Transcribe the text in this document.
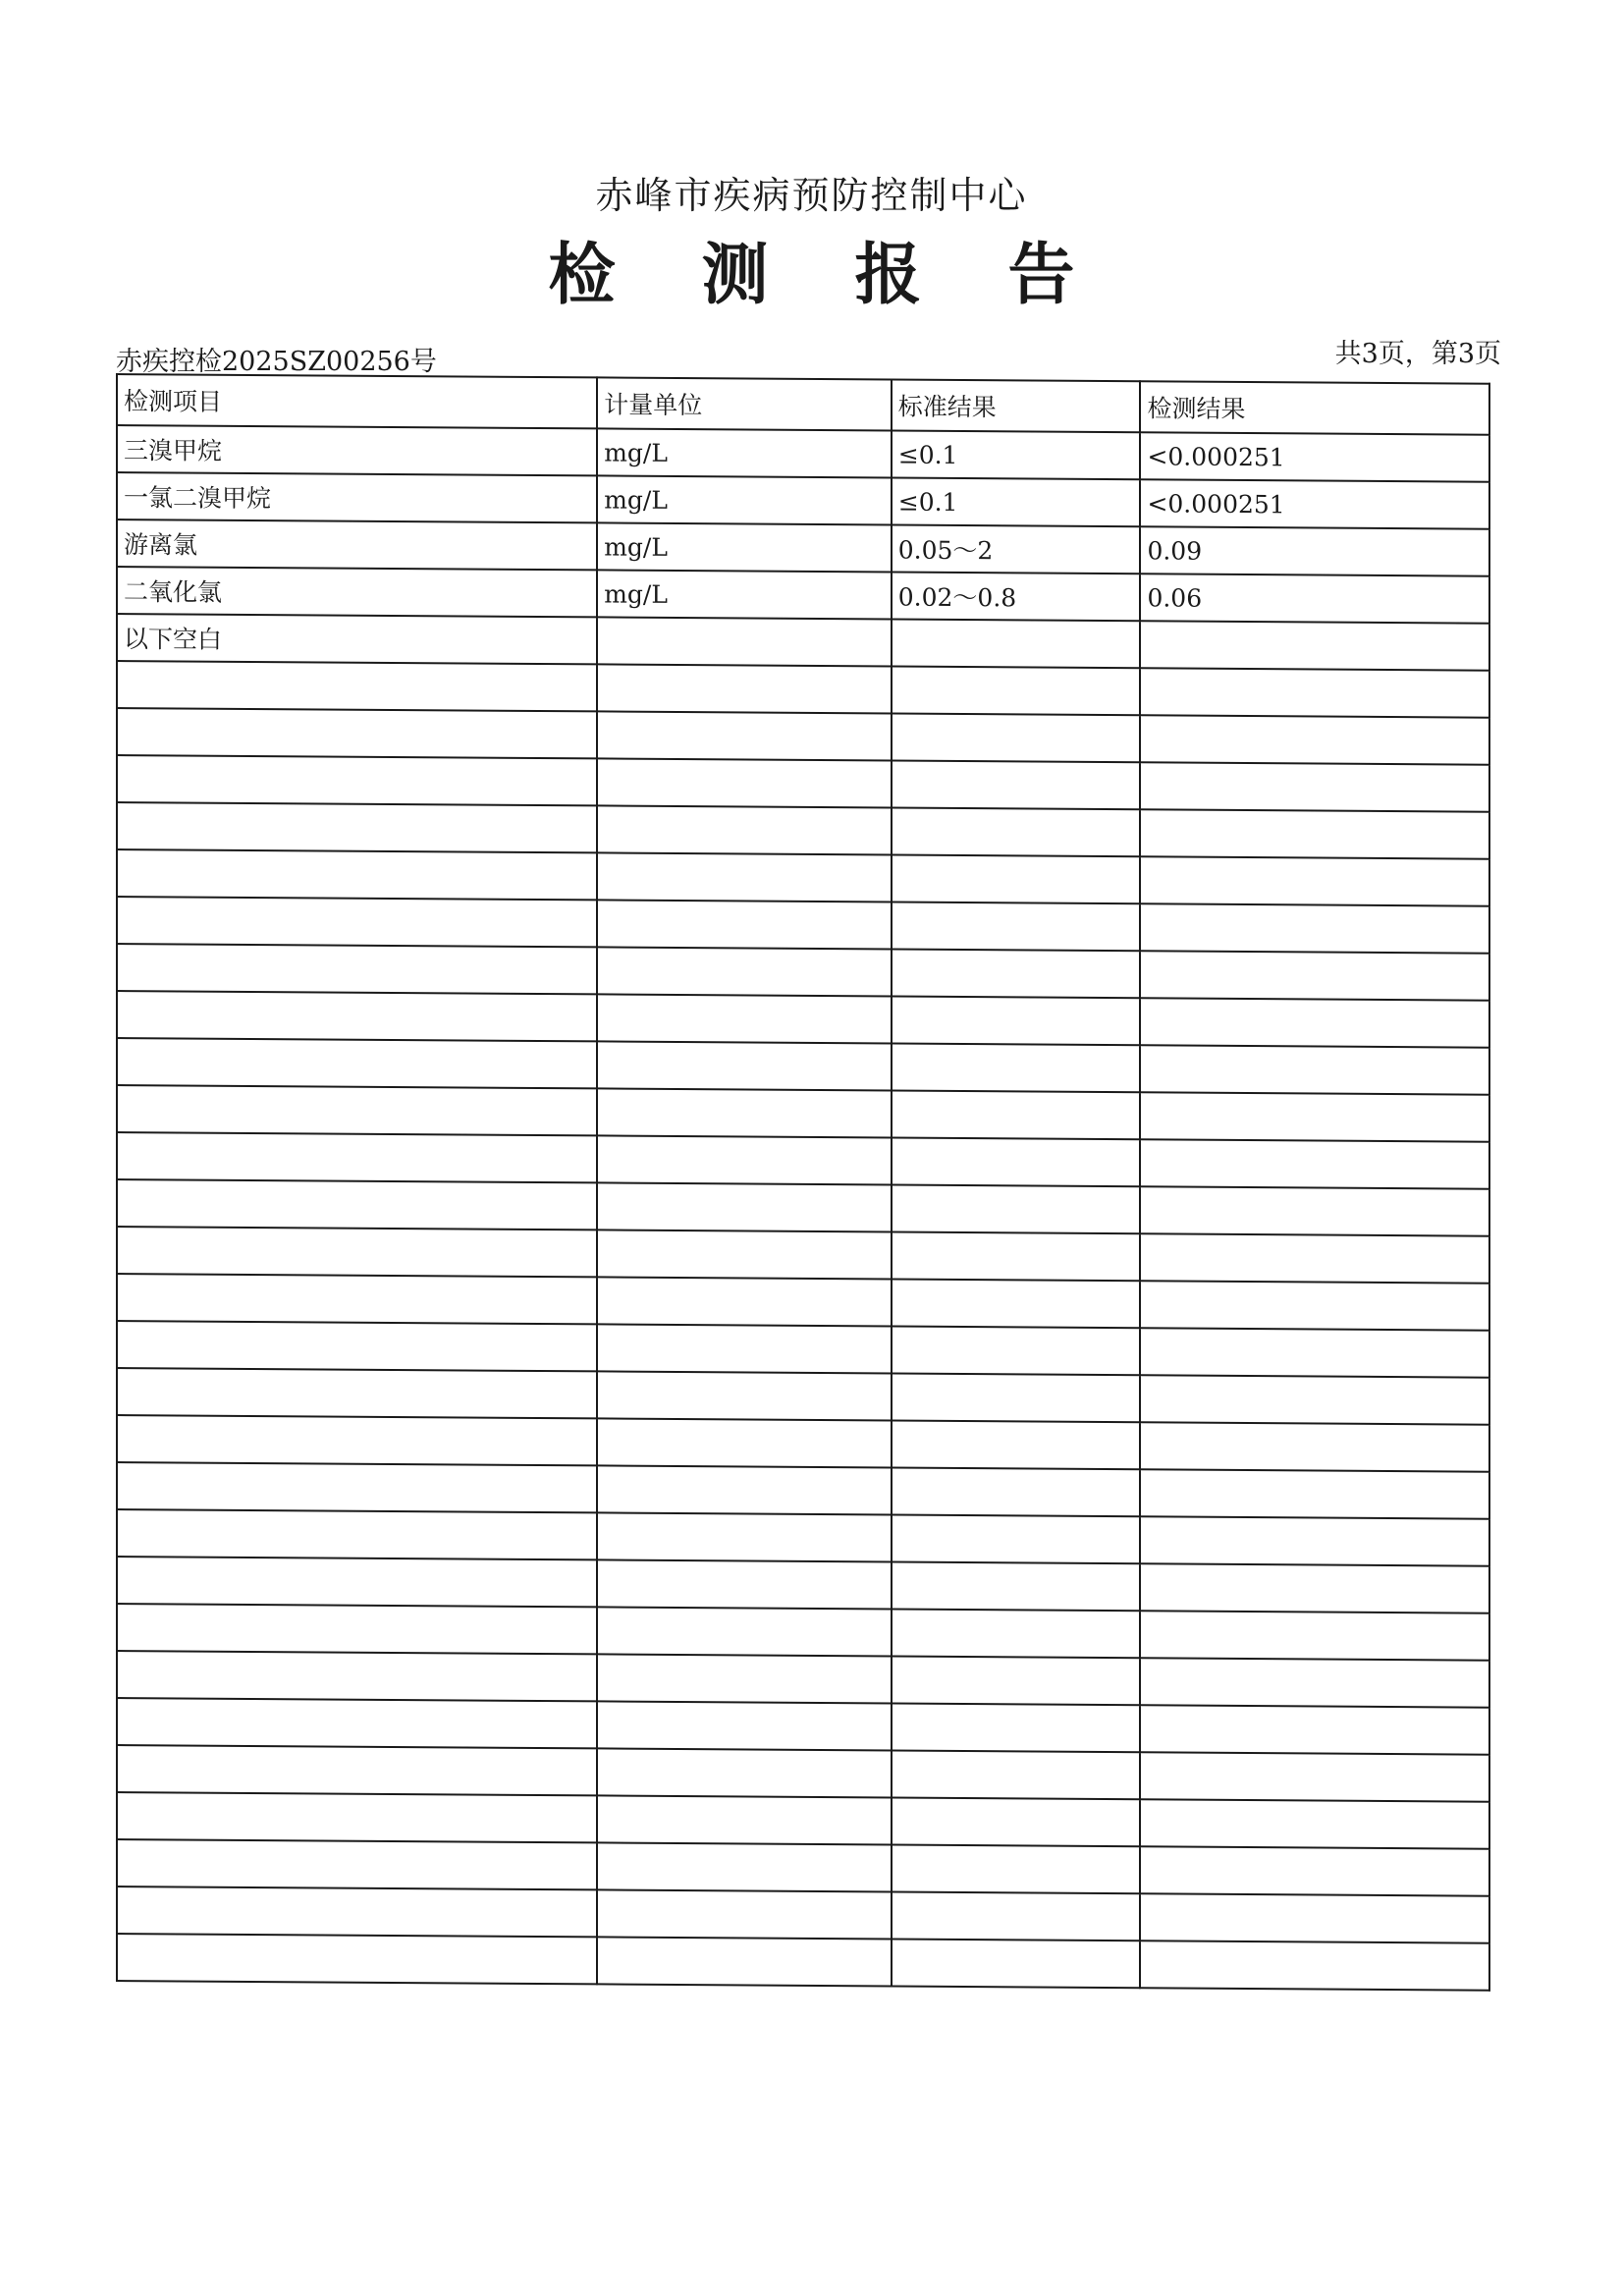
赤峰市疾病预防控制中心
检测报告
赤疾控检2025SZ00256号	共3页，第3页
检测项目	计量单位	标准结果	检测结果
三溴甲烷	mg/L	≤0.1	<0.000251
一氯二溴甲烷	mg/L	≤0.1	<0.000251
游离氯	mg/L	0.05～2	0.09
二氧化氯	mg/L	0.02～0.8	0.06
以下空白			
